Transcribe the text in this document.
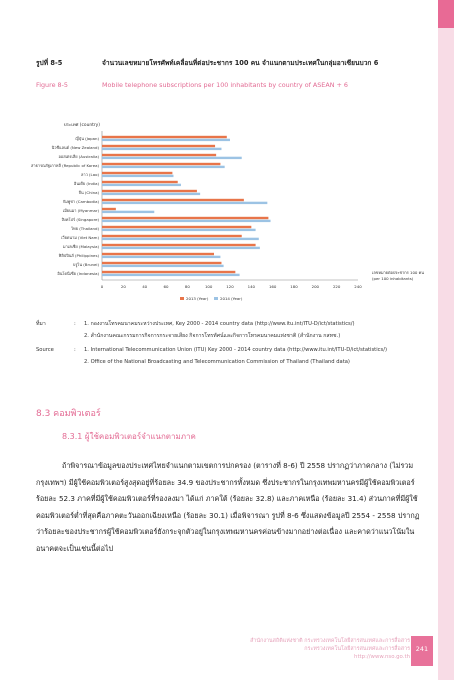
รูปที่ 8-5	จำนวนเลขหมายโทรศัพท์เคลื่อนที่ต่อประชากร 100 คน จำแนกตามประเทศในกลุ่มอาเซียนบวก 6
Figure 8-5	Mobile telephone subscriptions per 100 inhabitants by country of ASEAN + 6
ประเทศ (country)
ญี่ปุ่น (Japan)
นิวซีแลนด์ (New Zealand)
ออสเตรเลีย (Australia)
สาธารณรัฐเกาหลี (Republic of Korea)
ลาว (Lao)
อินเดีย (India)
จีน (China)
กัมพูชา (Cambodia)
เมียนมา (Myanmar)
สิงคโปร์ (Singapore)
ไทย (Thailand)
เวียดนาม (Viet Nam)
มาเลเซีย (Malaysia)
ฟิลิปปินส์ (Philippines)
บรูไน (Brunei)
อินโดนีเซีย (Indonesia)
0	20	40	60	80	100	120	140	160	180	200	220	240
เลขหมายต่อประชากร 100 คน
(per 100 inhabitants)
2013 (Year)	2014 (Year)
ที่มา	: 1. กองงานโทรคมนาคมระหว่างประเทศ, Key 2000 - 2014 country data (http://www.itu.int/ITU-D/ict/statistics/)
2. สำนักงานคณะกรรมการกิจการกระจายเสียง กิจการโทรทัศน์และกิจการโทรคมนาคมแห่งชาติ (สำนักงาน กสทช.)
Source	: 1. International Telecommunication Union (ITU) Key 2000 - 2014 country data (http://www.itu.int/ITU-D/ict/statistics/)
2. Office of the National Broadcasting and Telecommunication Commission of Thailand (Thailand data)
8.3 คอมพิวเตอร์
8.3.1 ผู้ใช้คอมพิวเตอร์จำแนกตามภาค

ถ้าพิจารณาข้อมูลของประเทศไทยจำแนกตามเขตการปกครอง (ตารางที่ 8-6) ปี 2558 ปรากฏว่าภาคกลาง (ไม่รวมกรุงเทพฯ) มีผู้ใช้คอมพิวเตอร์สูงสุดอยู่ที่ร้อยละ 34.9 ของประชากรทั้งหมด ซึ่งประชากรในกรุงเทพมหานครมีผู้ใช้คอมพิวเตอร์ร้อยละ 52.3 ภาคที่มีผู้ใช้คอมพิวเตอร์ที่รองลงมา ได้แก่ ภาคใต้ (ร้อยละ 32.8) และภาคเหนือ (ร้อยละ 31.4) ส่วนภาคที่มีผู้ใช้คอมพิวเตอร์ต่ำที่สุดคือภาคตะวันออกเฉียงเหนือ (ร้อยละ 30.1) เมื่อพิจารณา รูปที่ 8-6 ซึ่งแสดงข้อมูลปี 2554 - 2558 ปรากฏว่าร้อยละของประชากรผู้ใช้คอมพิวเตอร์ยังกระจุกตัวอยู่ในกรุงเทพมหานครค่อนข้างมากอย่างต่อเนื่อง และคาดว่าแนวโน้มในอนาคตจะเป็นเช่นนี้ต่อไป

สำนักงานสถิติแห่งชาติ กระทรวงเทคโนโลยีสารสนเทศและการสื่อสาร
กระทรวงเทคโนโลยีสารสนเทศและการสื่อสาร
http://www.nso.go.th
241
